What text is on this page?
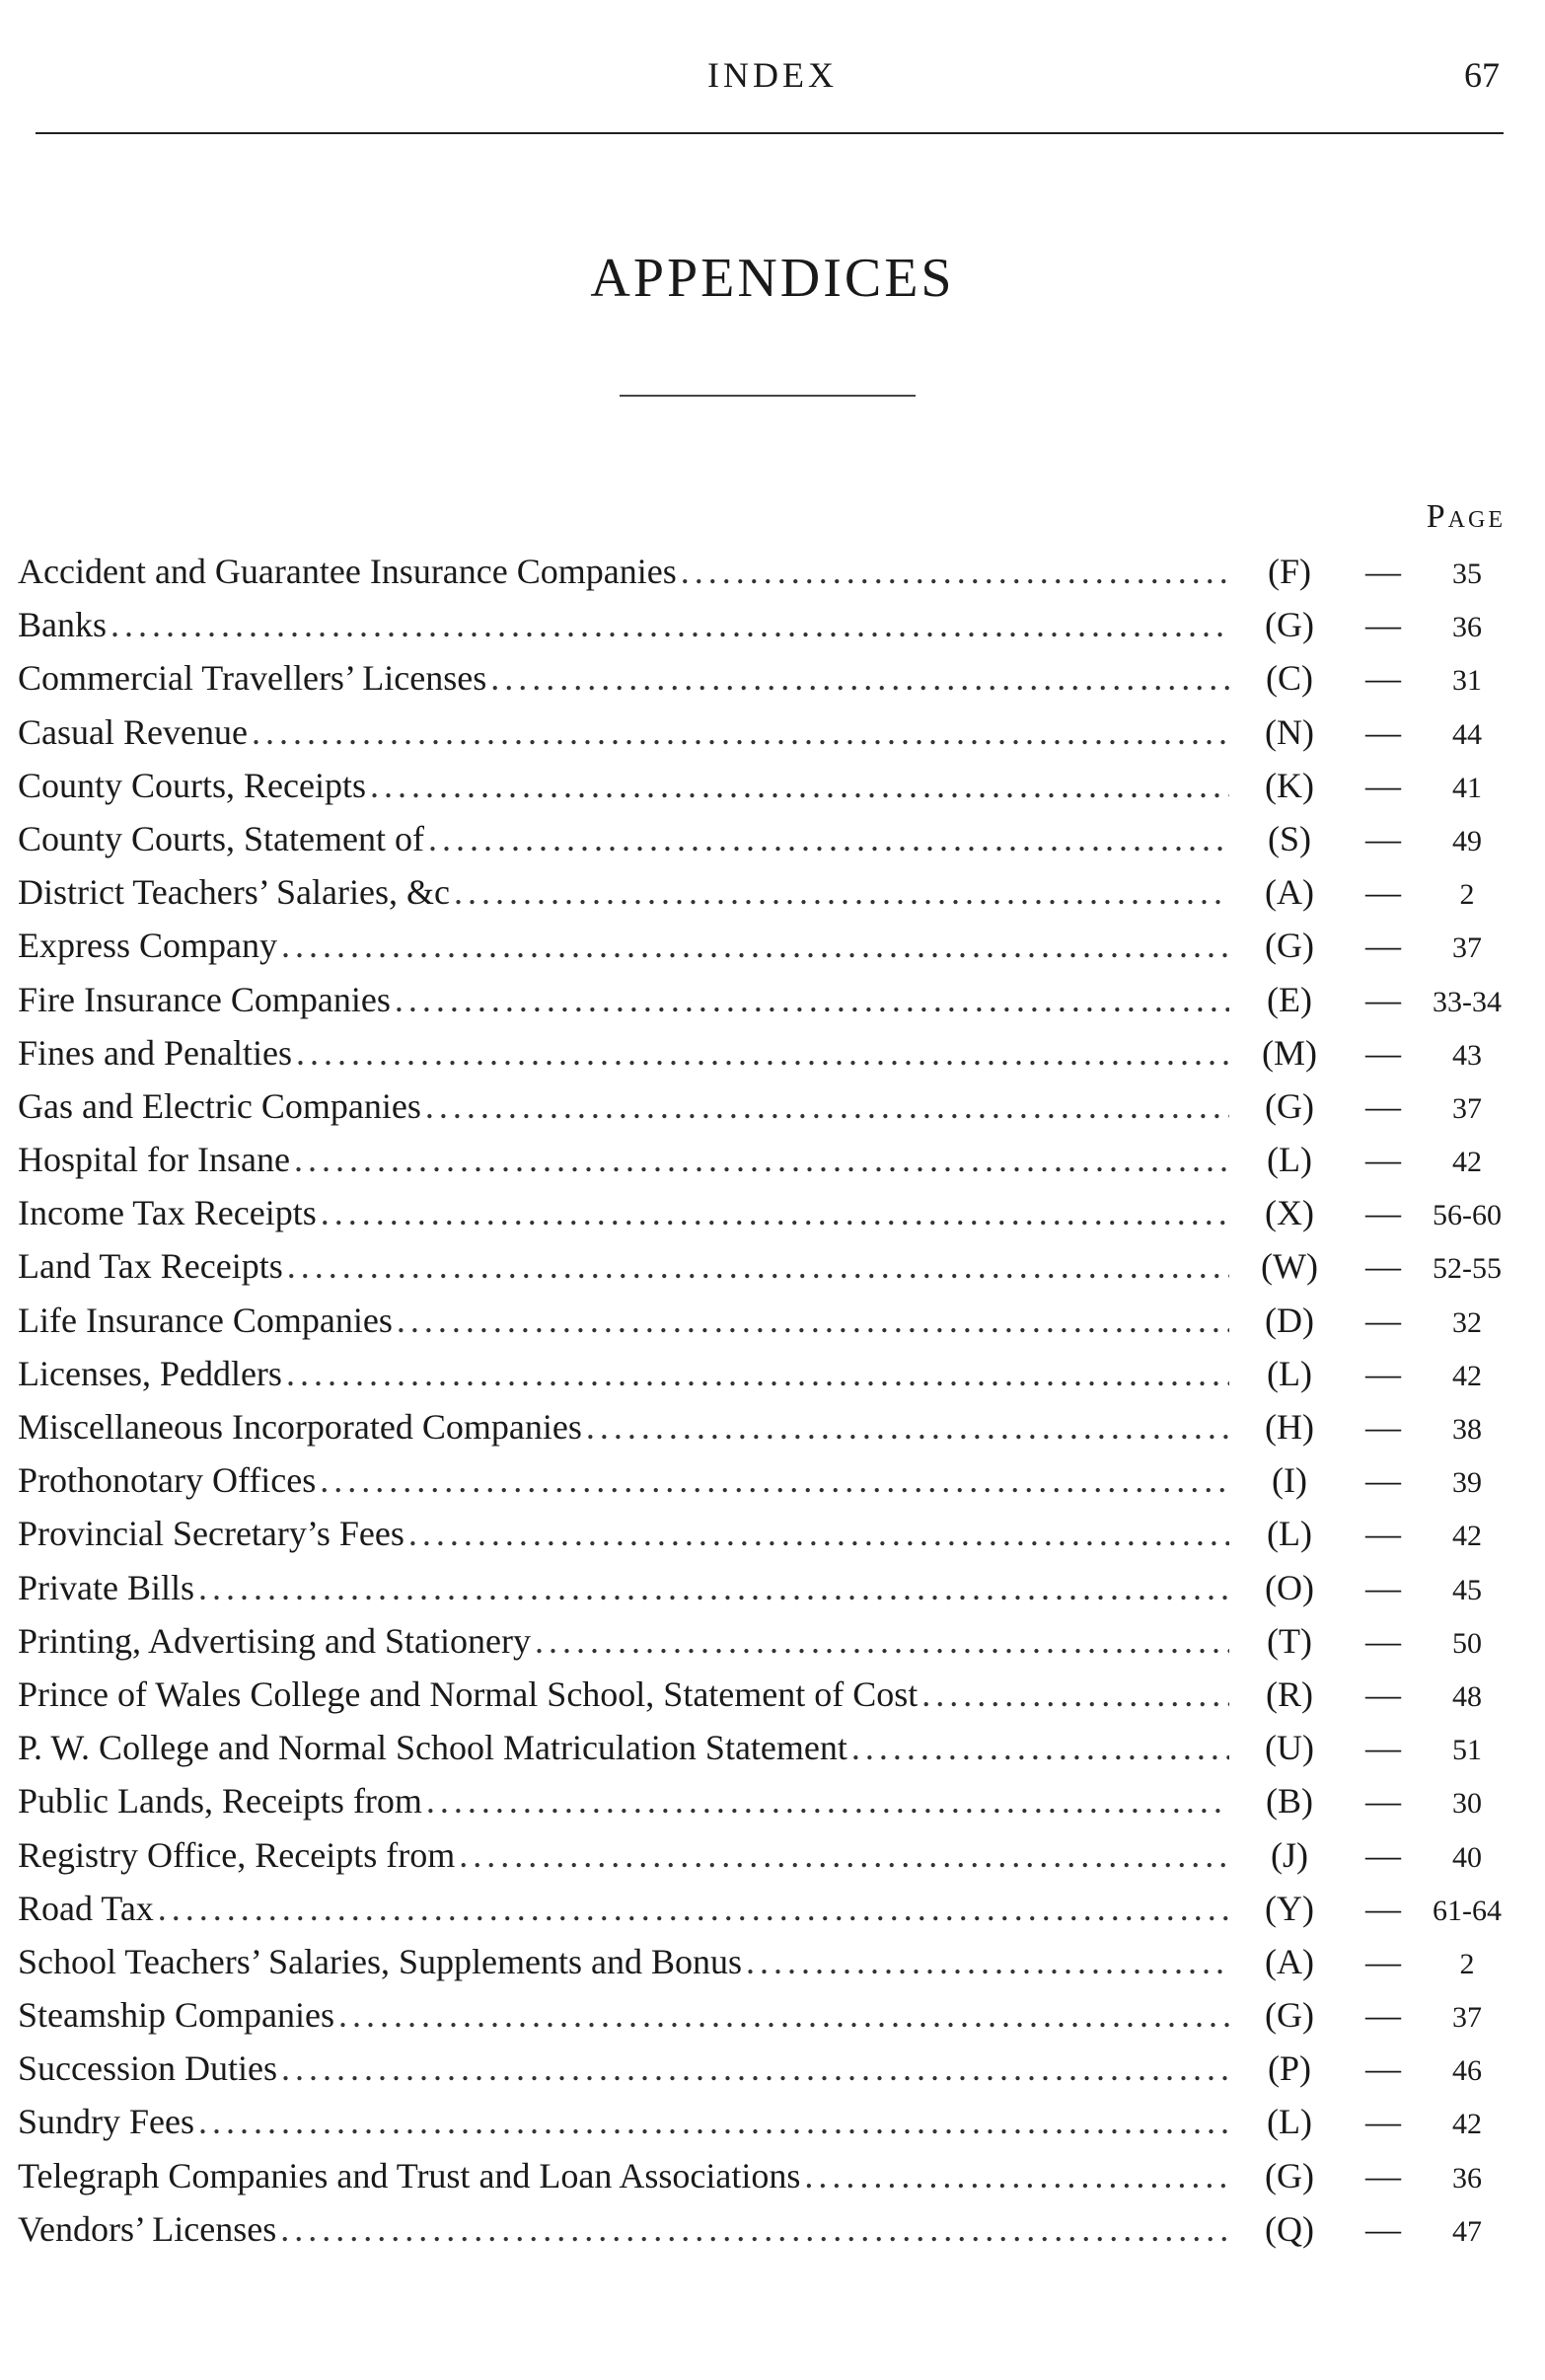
INDEX	67
APPENDICES
Page
Accident and Guarantee Insurance Companies . . .	(F)	—	35
Banks . . .	(G)	—	36
Commercial Travellers’ Licenses . . .	(C)	—	31
Casual Revenue . . .	(N)	—	44
County Courts, Receipts . . .	(K)	—	41
County Courts, Statement of . . .	(S)	—	49
District Teachers’ Salaries, &c . . .	(A)	—	2
Express Company . . .	(G)	—	37
Fire Insurance Companies . . .	(E)	—	33-34
Fines and Penalties . . .	(M)	—	43
Gas and Electric Companies . . .	(G)	—	37
Hospital for Insane . . .	(L)	—	42
Income Tax Receipts . . .	(X)	—	56-60
Land Tax Receipts . . .	(W)	—	52-55
Life Insurance Companies . . .	(D)	—	32
Licenses, Peddlers . . .	(L)	—	42
Miscellaneous Incorporated Companies . . .	(H)	—	38
Prothonotary Offices . . .	(I)	—	39
Provincial Secretary’s Fees . . .	(L)	—	42
Private Bills . . .	(O)	—	45
Printing, Advertising and Stationery . . .	(T)	—	50
Prince of Wales College and Normal School, Statement of Cost . . .	(R)	—	48
P. W. College and Normal School Matriculation Statement . . .	(U)	—	51
Public Lands, Receipts from . . .	(B)	—	30
Registry Office, Receipts from . . .	(J)	—	40
Road Tax . . .	(Y)	—	61-64
School Teachers’ Salaries, Supplements and Bonus . . .	(A)	—	2
Steamship Companies . . .	(G)	—	37
Succession Duties . . .	(P)	—	46
Sundry Fees . . .	(L)	—	42
Telegraph Companies and Trust and Loan Associations . . .	(G)	—	36
Vendors’ Licenses . . .	(Q)	—	47
